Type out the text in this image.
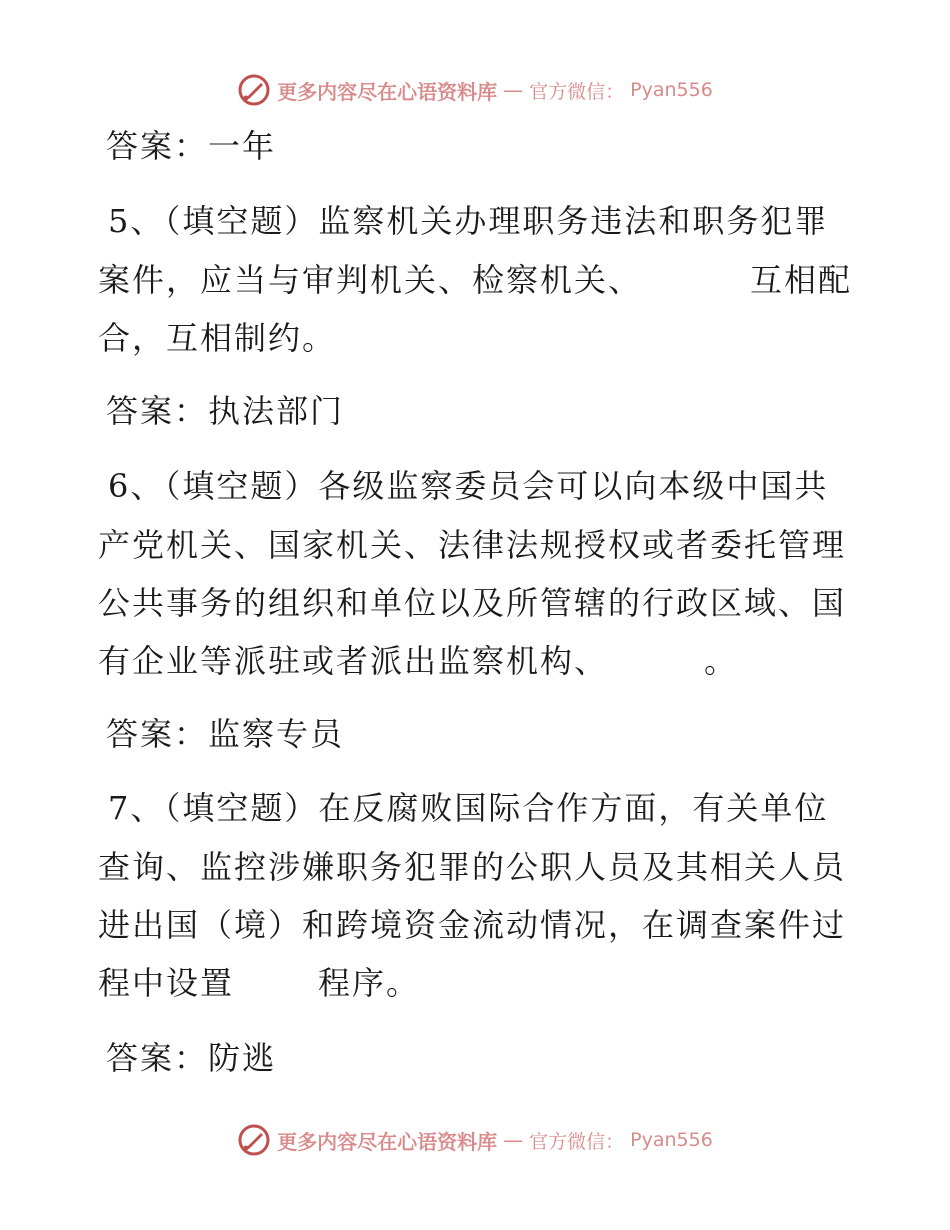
更多内容尽在心语资料库 — 官方微信： Pyan556
答案：一年
5、（填空题）监察机关办理职务违法和职务犯罪
案件，应当与审判机关、检察机关、	互相配
合，互相制约。
答案：执法部门
6、（填空题）各级监察委员会可以向本级中国共
产党机关、国家机关、法律法规授权或者委托管理
公共事务的组织和单位以及所管辖的行政区域、国
有企业等派驻或者派出监察机构、	。
答案：监察专员
7、（填空题）在反腐败国际合作方面，有关单位
查询、监控涉嫌职务犯罪的公职人员及其相关人员
进出国（境）和跨境资金流动情况，在调查案件过
程中设置	程序。
答案：防逃
更多内容尽在心语资料库 — 官方微信： Pyan556
